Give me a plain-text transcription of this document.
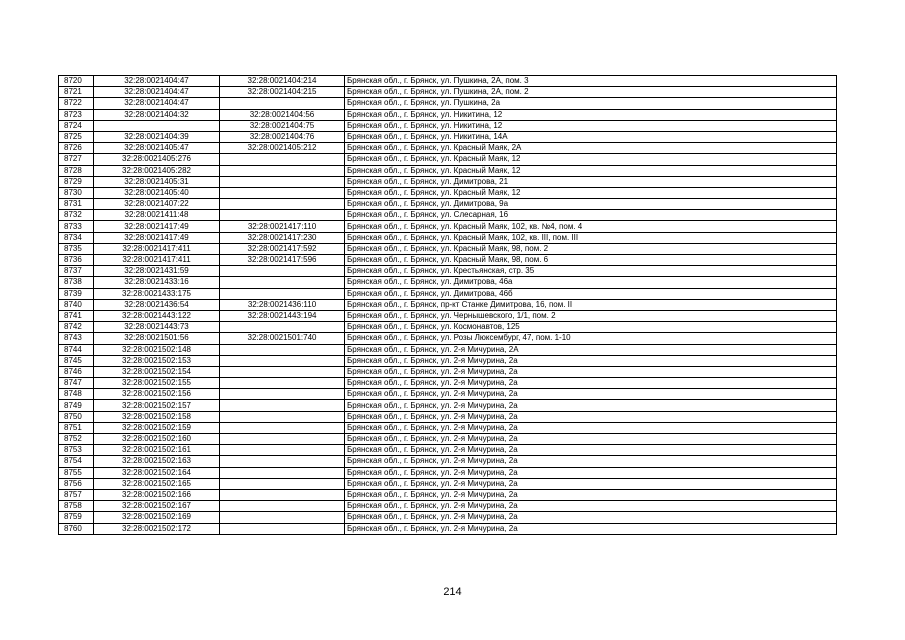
8720	32:28:0021404:47	32:28:0021404:214	Брянская обл., г. Брянск, ул. Пушкина, 2А, пом. 3
8721	32:28:0021404:47	32:28:0021404:215	Брянская обл., г. Брянск, ул. Пушкина, 2А, пом. 2
8722	32:28:0021404:47		Брянская обл., г. Брянск, ул. Пушкина, 2а
8723	32:28:0021404:32	32:28:0021404:56	Брянская обл., г. Брянск, ул. Никитина, 12
8724		32:28:0021404:75	Брянская обл., г. Брянск, ул. Никитина, 12
8725	32:28:0021404:39	32:28:0021404:76	Брянская обл., г. Брянск, ул. Никитина, 14А
8726	32:28:0021405:47	32:28:0021405:212	Брянская обл., г. Брянск, ул. Красный Маяк, 2А
8727	32:28:0021405:276		Брянская обл., г. Брянск, ул. Красный Маяк, 12
8728	32:28:0021405:282		Брянская обл., г. Брянск, ул. Красный Маяк, 12
8729	32:28:0021405:31		Брянская обл., г. Брянск, ул. Димитрова, 21
8730	32:28:0021405:40		Брянская обл., г. Брянск, ул. Красный Маяк, 12
8731	32:28:0021407:22		Брянская обл., г. Брянск, ул. Димитрова, 9а
8732	32:28:0021411:48		Брянская обл., г. Брянск, ул. Слесарная, 16
8733	32:28:0021417:49	32:28:0021417:110	Брянская обл., г. Брянск, ул. Красный Маяк, 102, кв. №4, пом. 4
8734	32:28:0021417:49	32:28:0021417:230	Брянская обл., г. Брянск, ул. Красный Маяк, 102, кв. III, пом. III
8735	32:28:0021417:411	32:28:0021417:592	Брянская обл., г. Брянск, ул. Красный Маяк, 98, пом. 2
8736	32:28:0021417:411	32:28:0021417:596	Брянская обл., г. Брянск, ул. Красный Маяк, 98, пом. 6
8737	32:28:0021431:59		Брянская обл., г. Брянск, ул. Крестьянская, стр. 35
8738	32:28:0021433:16		Брянская обл., г. Брянск, ул. Димитрова, 46а
8739	32:28:0021433:175		Брянская обл., г. Брянск, ул. Димитрова, 46б
8740	32:28:0021436:54	32:28:0021436:110	Брянская обл., г. Брянск, пр-кт Станке Димитрова, 16, пом. II
8741	32:28:0021443:122	32:28:0021443:194	Брянская обл., г. Брянск, ул. Чернышевского, 1/1, пом. 2
8742	32:28:0021443:73		Брянская обл., г. Брянск, ул. Космонавтов, 125
8743	32:28:0021501:56	32:28:0021501:740	Брянская обл., г. Брянск, ул. Розы Люксембург, 47, пом. 1-10
8744	32:28:0021502:148		Брянская обл., г. Брянск, ул. 2-я Мичурина, 2А
8745	32:28:0021502:153		Брянская обл., г. Брянск, ул. 2-я Мичурина, 2а
8746	32:28:0021502:154		Брянская обл., г. Брянск, ул. 2-я Мичурина, 2а
8747	32:28:0021502:155		Брянская обл., г. Брянск, ул. 2-я Мичурина, 2а
8748	32:28:0021502:156		Брянская обл., г. Брянск, ул. 2-я Мичурина, 2а
8749	32:28:0021502:157		Брянская обл., г. Брянск, ул. 2-я Мичурина, 2а
8750	32:28:0021502:158		Брянская обл., г. Брянск, ул. 2-я Мичурина, 2а
8751	32:28:0021502:159		Брянская обл., г. Брянск, ул. 2-я Мичурина, 2а
8752	32:28:0021502:160		Брянская обл., г. Брянск, ул. 2-я Мичурина, 2а
8753	32:28:0021502:161		Брянская обл., г. Брянск, ул. 2-я Мичурина, 2а
8754	32:28:0021502:163		Брянская обл., г. Брянск, ул. 2-я Мичурина, 2а
8755	32:28:0021502:164		Брянская обл., г. Брянск, ул. 2-я Мичурина, 2а
8756	32:28:0021502:165		Брянская обл., г. Брянск, ул. 2-я Мичурина, 2а
8757	32:28:0021502:166		Брянская обл., г. Брянск, ул. 2-я Мичурина, 2а
8758	32:28:0021502:167		Брянская обл., г. Брянск, ул. 2-я Мичурина, 2а
8759	32:28:0021502:169		Брянская обл., г. Брянск, ул. 2-я Мичурина, 2а
8760	32:28:0021502:172		Брянская обл., г. Брянск, ул. 2-я Мичурина, 2а
214
